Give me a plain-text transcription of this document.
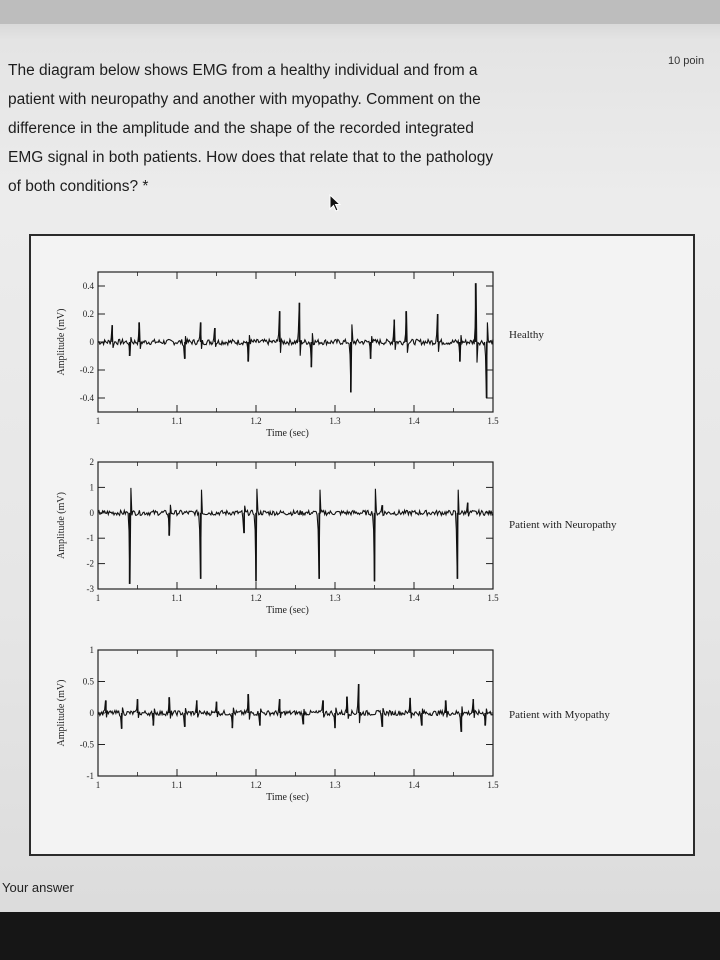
The diagram below shows EMG from a healthy individual and from a
patient with neuropathy and another with myopathy. Comment on the
difference in the amplitude and the shape of the recorded integrated
EMG signal in both patients. How does that relate that to the pathology
of both conditions? *
10 poin
1	1.1	1.2	1.3	1.4	1.5
0.4
0.2
0
-0.2
-0.4
Time (sec)
Amplitude (mV)	Healthy
1	1.1	1.2	1.3	1.4	1.5
2
1
0
-1
-2
-3
Time (sec)
Amplitude (mV)	Patient with Neuropathy
1	1.1	1.2	1.3	1.4	1.5
1
0.5
0
-0.5
-1
Time (sec)
Amplitude (mV)	Patient with Myopathy
Your answer
